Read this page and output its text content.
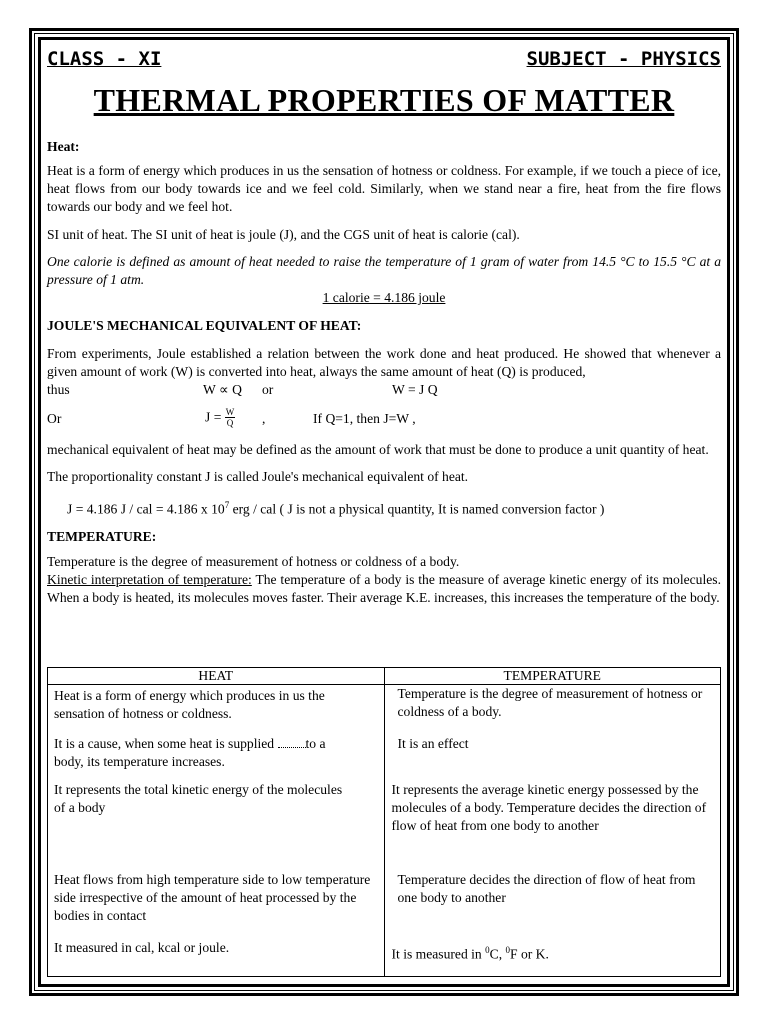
CLASS - XI	SUBJECT - PHYSICS
THERMAL PROPERTIES OF MATTER
Heat:
Heat is a form of energy which produces in us the sensation of hotness or coldness. For example, if we touch a piece of ice, heat flows from our body towards ice and we feel cold. Similarly, when we stand near a fire, heat from the fire flows towards our body and we feel hot.
SI unit of heat. The SI unit of heat is joule (J), and the CGS unit of heat is calorie (cal).
One calorie is defined as amount of heat needed to raise the temperature of 1 gram of water from 14.5 °C to 15.5 °C at a pressure of 1 atm.
1 calorie = 4.186 joule
JOULE'S MECHANICAL EQUIVALENT OF HEAT:
From experiments, Joule established a relation between the work done and heat produced. He showed that whenever a given amount of work (W) is converted into heat, always the same amount of heat (Q) is produced,
thus	W ∝ Q or	W = J Q
Or	$J = \frac{W}{Q}$ ,	If Q=1, then J=W ,
mechanical equivalent of heat may be defined as the amount of work that must be done to produce a unit quantity of heat.
The proportionality constant J is called Joule's mechanical equivalent of heat.
J = 4.186 J / cal = 4.186 x $10^7$ erg / cal ( J is not a physical quantity, It is named conversion factor )
TEMPERATURE:
Temperature is the degree of measurement of hotness or coldness of a body.
Kinetic interpretation of temperature: The temperature of a body is the measure of average kinetic energy of its molecules. When a body is heated, its molecules moves faster. Their average K.E. increases, this increases the temperature of the body.
HEAT	TEMPERATURE

Heat is a form of energy which produces in us the sensation of hotness or coldness.	Temperature is the degree of measurement of hotness or coldness of a body.

It is a cause, when some heat is supplied to a body, its temperature increases.	It is an effect

It represents the total kinetic energy of the molecules of a body	It represents the average kinetic energy possessed by the molecules of a body. Temperature decides the direction of flow of heat from one body to another

Heat flows from high temperature side to low temperature side irrespective of the amount of heat processed by the bodies in contact	Temperature decides the direction of flow of heat from one body to another

It measured in cal, kcal or joule.	It is measured in $^0$C, $^0$F or K.
